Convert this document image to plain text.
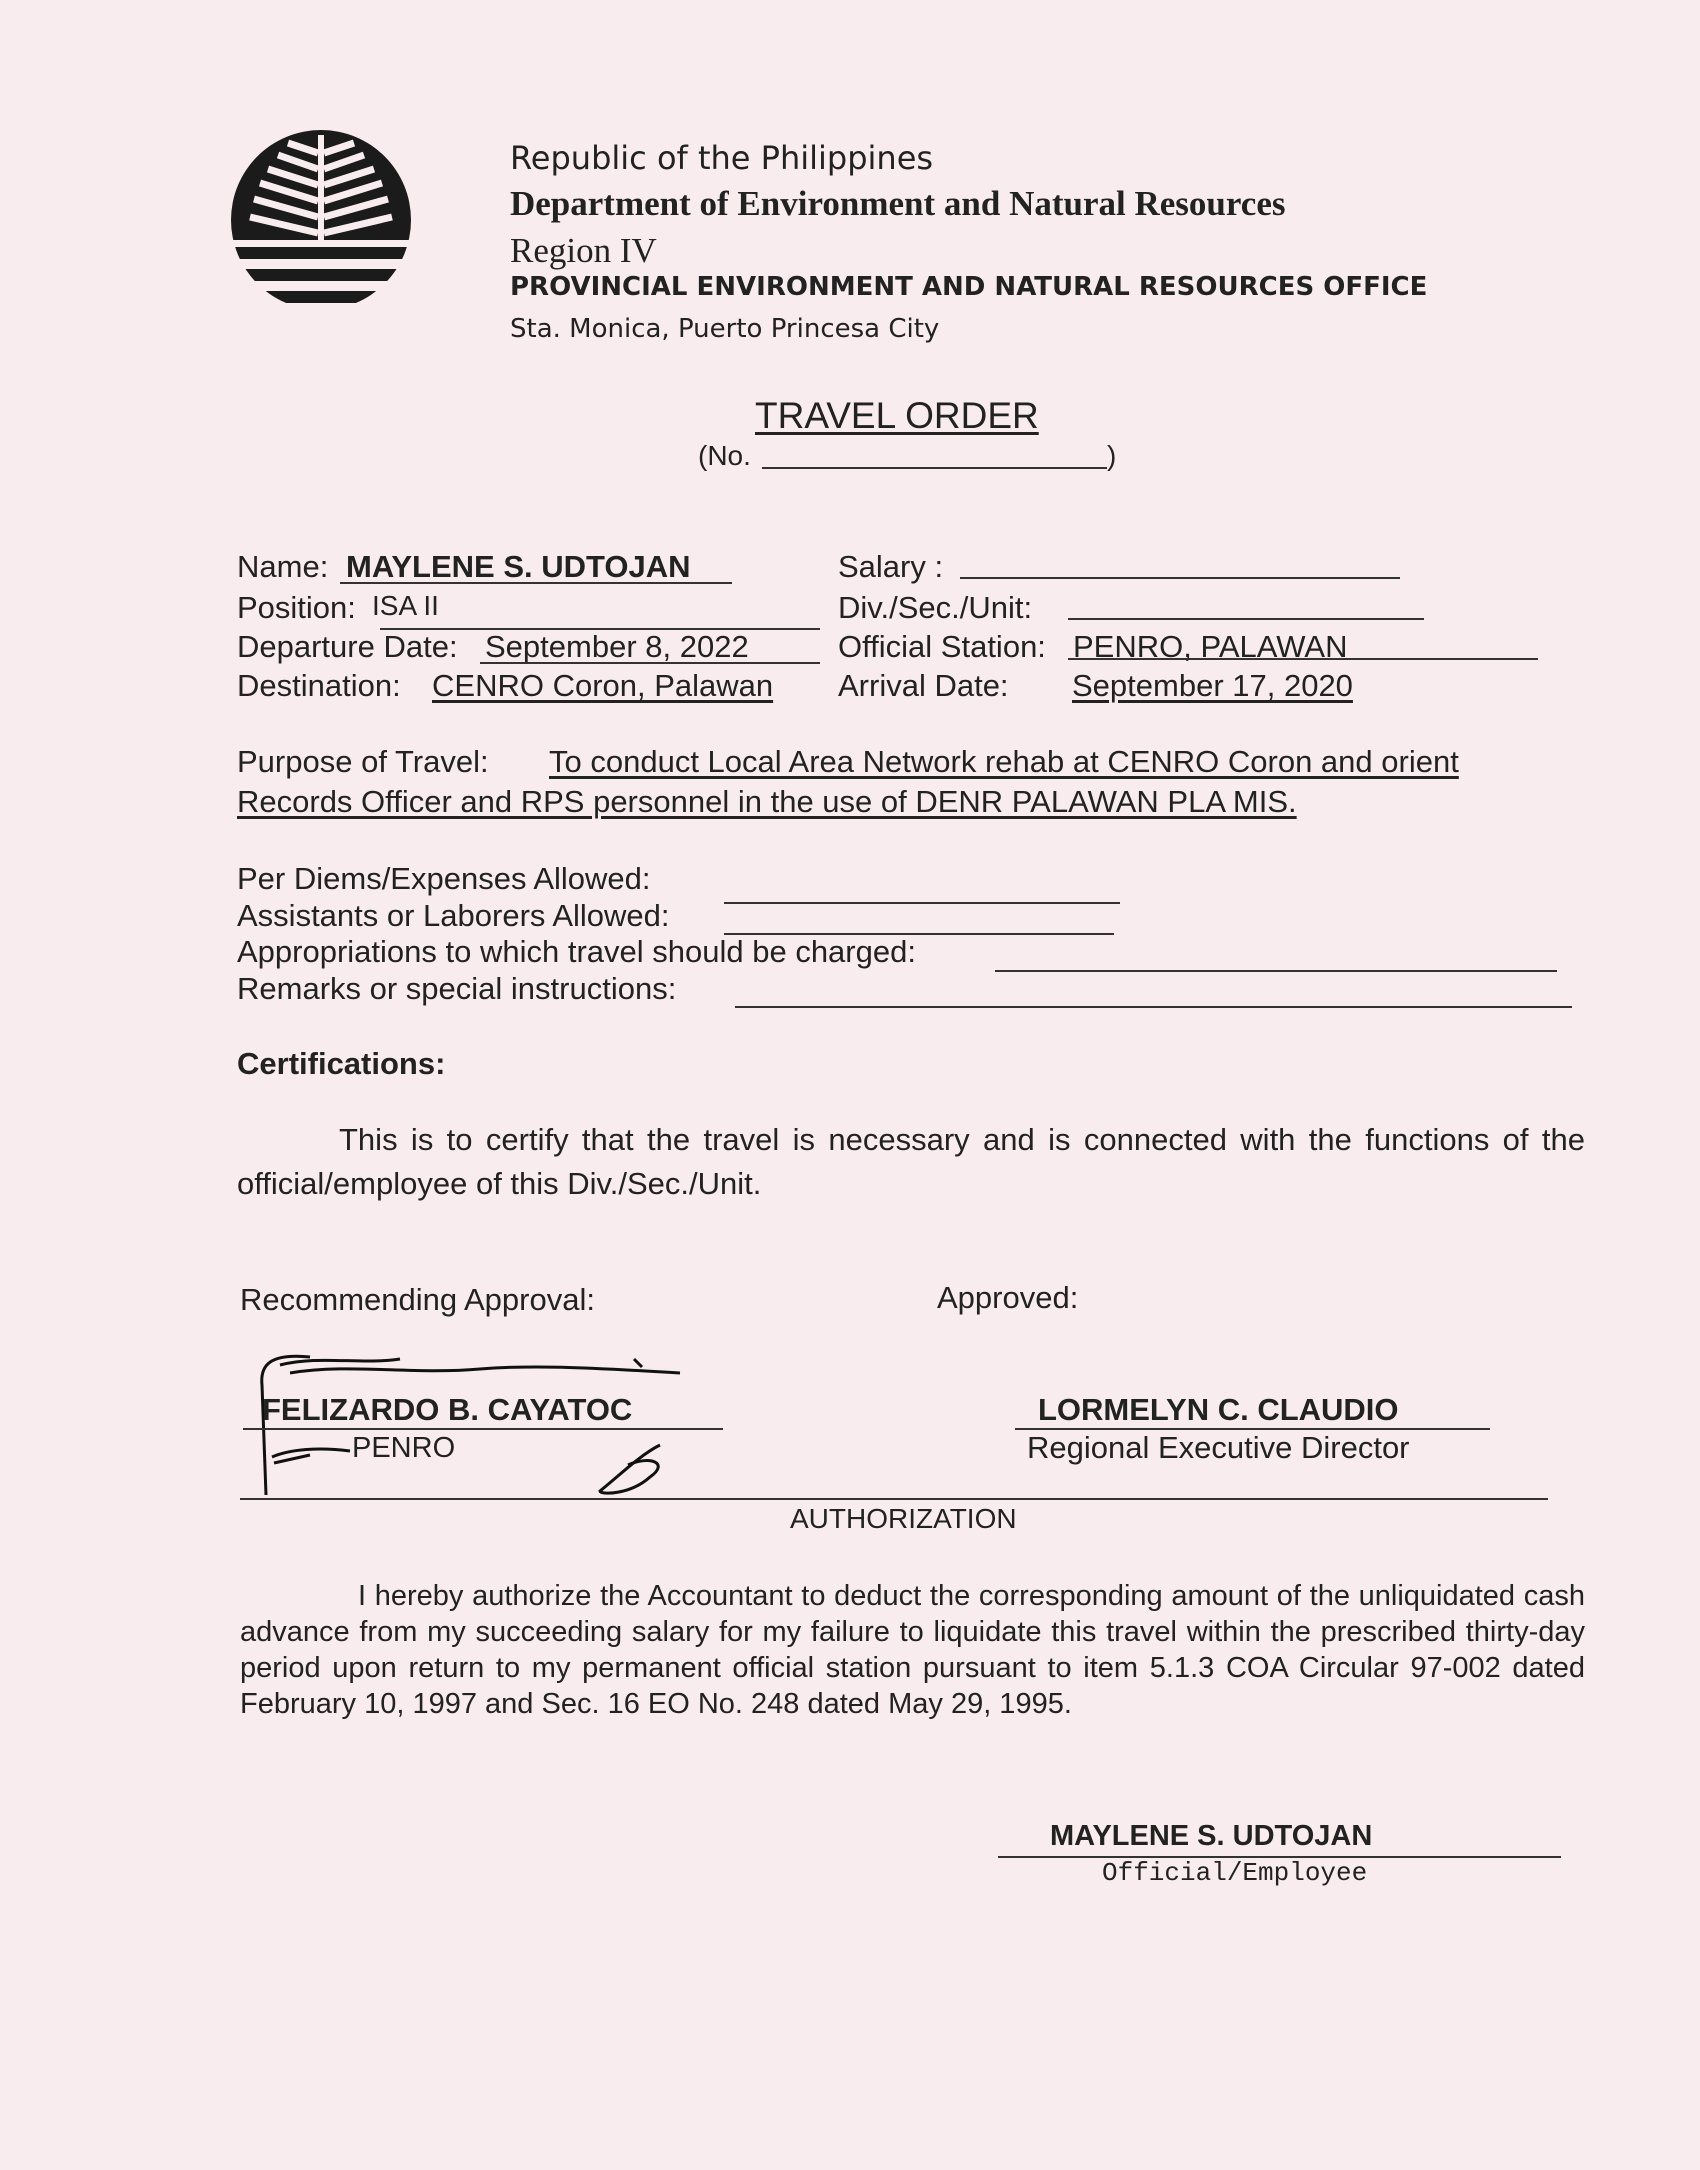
Republic of the Philippines
Department of Environment and Natural Resources
Region IV
PROVINCIAL ENVIRONMENT AND NATURAL RESOURCES OFFICE
Sta. Monica, Puerto Princesa City
TRAVEL ORDER
(No.	)
Name: MAYLENE S. UDTOJAN
Position: ISA II
Departure Date: September 8, 2022
Destination: CENRO Coron, Palawan
Salary :
Div./Sec./Unit:
Official Station: PENRO, PALAWAN
Arrival Date: September 17, 2020
Purpose of Travel: To conduct Local Area Network rehab at CENRO Coron and orient
Records Officer and RPS personnel in the use of DENR PALAWAN PLA MIS.
Per Diems/Expenses Allowed:
Assistants or Laborers Allowed:
Appropriations to which travel should be charged:
Remarks or special instructions:
Certifications:
This is to certify that the travel is necessary and is connected with the functions of the official/employee of this Div./Sec./Unit.
Recommending Approval:	Approved:
FELIZARDO B. CAYATOC
PENRO
LORMELYN C. CLAUDIO
Regional Executive Director
AUTHORIZATION
I hereby authorize the Accountant to deduct the corresponding amount of the unliquidated cash advance from my succeeding salary for my failure to liquidate this travel within the prescribed thirty-day period upon return to my permanent official station pursuant to item 5.1.3 COA Circular 97-002 dated February 10, 1997 and Sec. 16 EO No. 248 dated May 29, 1995.
MAYLENE S. UDTOJAN
Official/Employee
